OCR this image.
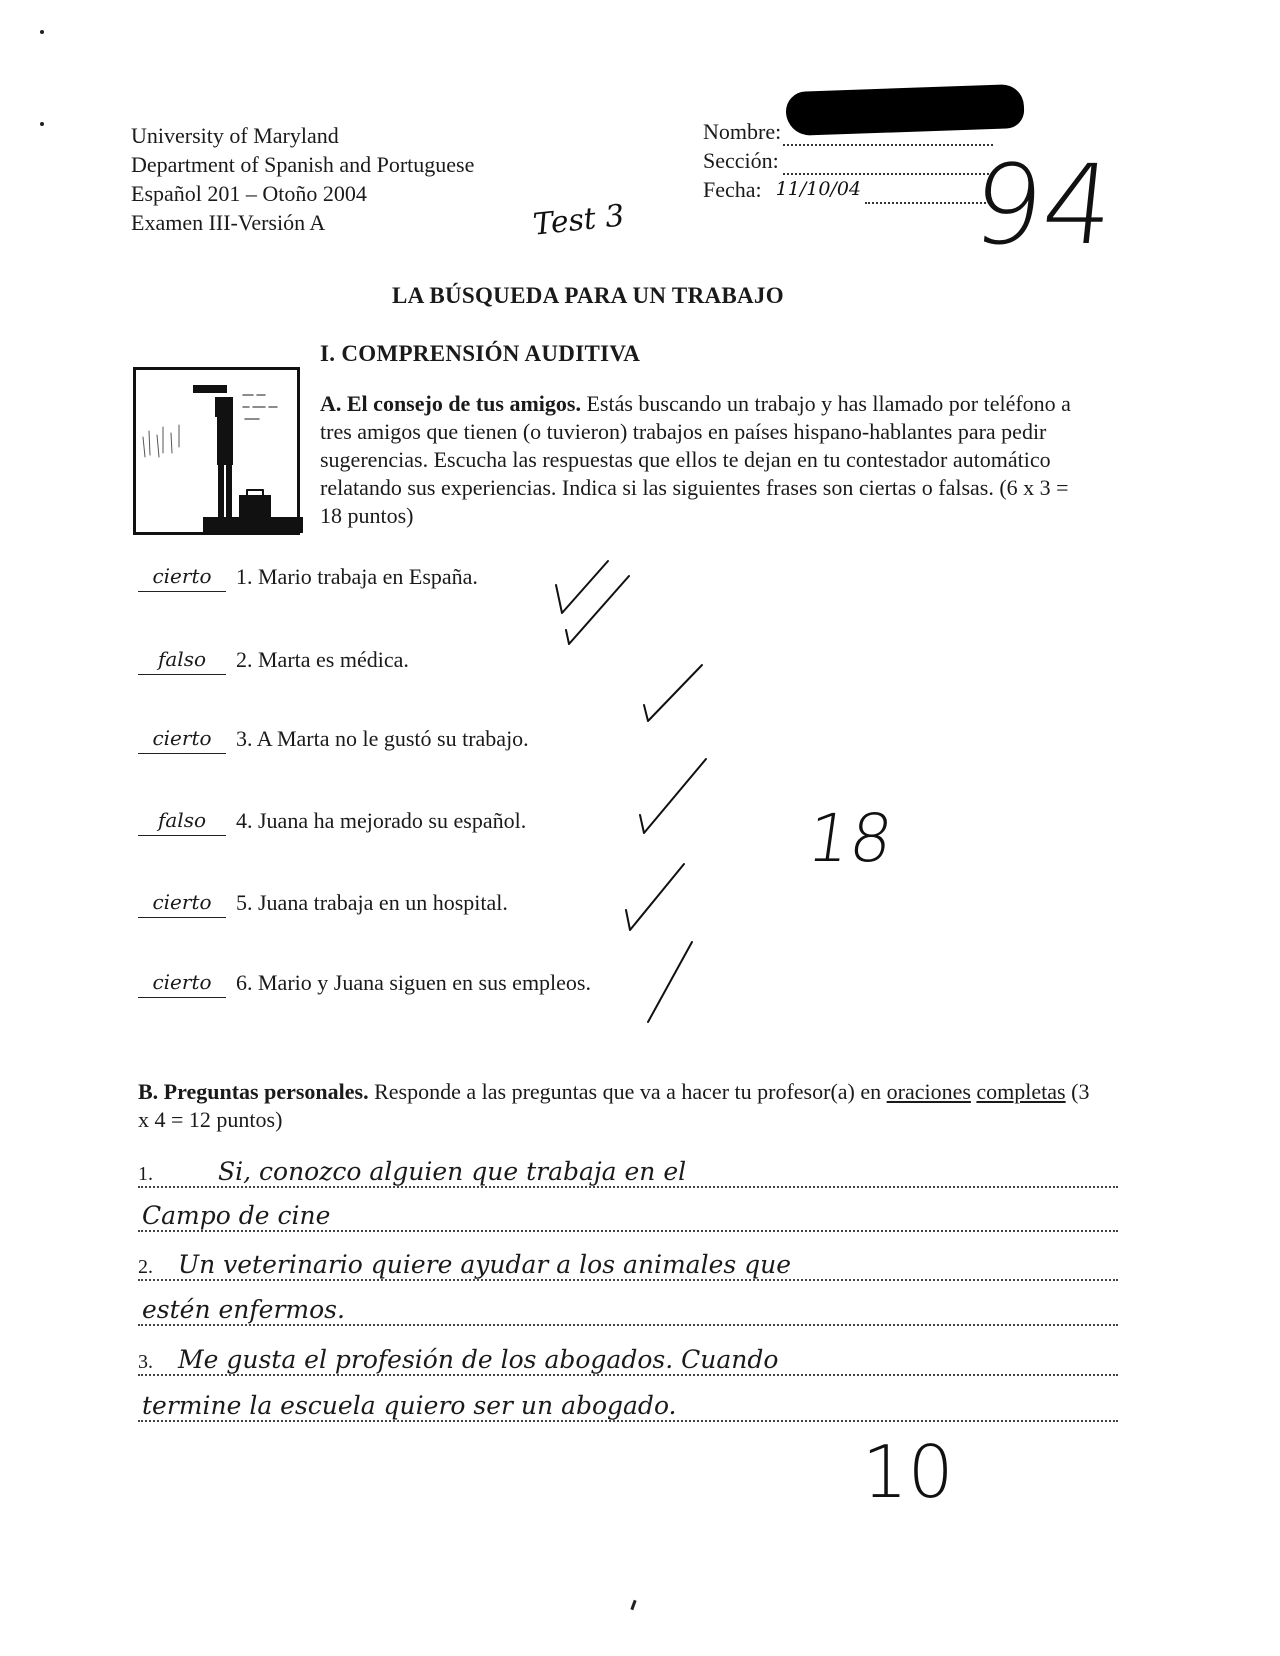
University of Maryland
Department of Spanish and Portuguese
Español 201 – Otoño 2004
Examen III-Versión A
Nombre:
Sección:
Fecha: 11/10/04
Test 3	94
LA BÚSQUEDA PARA UN TRABAJO
I. COMPRENSIÓN AUDITIVA
A. El consejo de tus amigos. Estás buscando un trabajo y has llamado por teléfono a tres amigos que tienen (o tuvieron) trabajos en países hispano-hablantes para pedir sugerencias. Escucha las respuestas que ellos te dejan en tu contestador automático relatando sus experiencias. Indica si las siguientes frases son ciertas o falsas. (6 x 3 = 18 puntos)
cierto	1. Mario trabaja en España.
falso	2. Marta es médica.
cierto	3. A Marta no le gustó su trabajo.
falso	4. Juana ha mejorado su español.
cierto	5. Juana trabaja en un hospital.
cierto	6. Mario y Juana siguen en sus empleos.
18
B. Preguntas personales. Responde a las preguntas que va a hacer tu profesor(a) en oraciones completas (3 x 4 = 12 puntos)
1.	Si, conozco alguien que trabaja en el
Campo de cine
2. Un veterinario quiere ayudar a los animales que
estén enfermos.
3. Me gusta el profesión de los abogados. Cuando
termine la escuela quiero ser un abogado.
10
